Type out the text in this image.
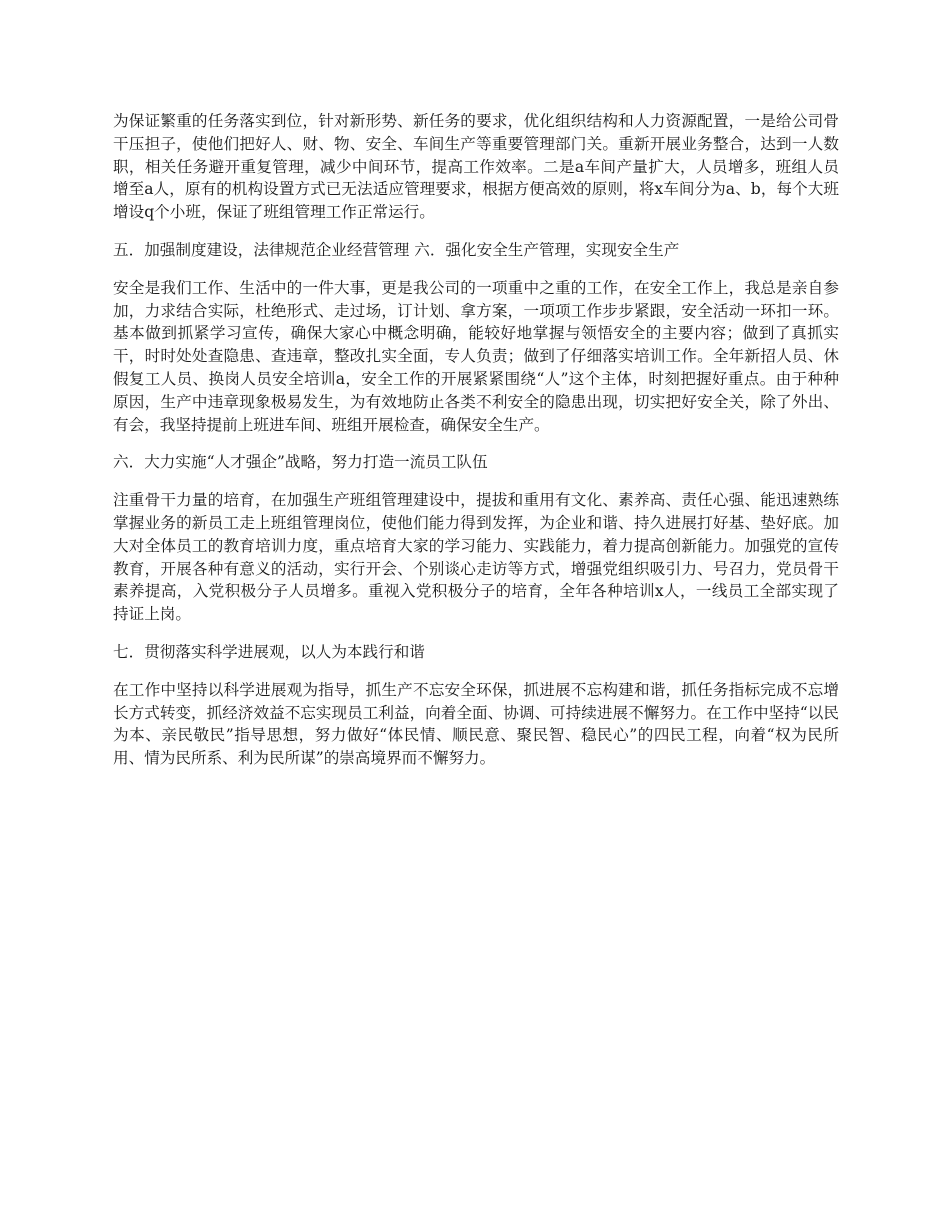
为保证繁重的任务落实到位，针对新形势、新任务的要求，优化组织结构和人力资源配置，一是给公司骨干压担子，使他们把好人、财、物、安全、车间生产等重要管理部门关。重新开展业务整合，达到一人数职，相关任务避开重复管理，减少中间环节，提高工作效率。二是a车间产量扩大，人员增多，班组人员增至a人，原有的机构设置方式已无法适应管理要求，根据方便高效的原则，将x车间分为a、b，每个大班增设q个小班，保证了班组管理工作正常运行。

五．加强制度建设，法律规范企业经营管理 六．强化安全生产管理，实现安全生产

安全是我们工作、生活中的一件大事，更是我公司的一项重中之重的工作，在安全工作上，我总是亲自参加，力求结合实际，杜绝形式、走过场，订计划、拿方案，一项项工作步步紧跟，安全活动一环扣一环。基本做到抓紧学习宣传，确保大家心中概念明确，能较好地掌握与领悟安全的主要内容；做到了真抓实干，时时处处查隐患、查违章，整改扎实全面，专人负责；做到了仔细落实培训工作。全年新招人员、休假复工人员、换岗人员安全培训a，安全工作的开展紧紧围绕“人”这个主体，时刻把握好重点。由于种种原因，生产中违章现象极易发生，为有效地防止各类不利安全的隐患出现，切实把好安全关，除了外出、有会，我坚持提前上班进车间、班组开展检查，确保安全生产。

六．大力实施“人才强企”战略，努力打造一流员工队伍

注重骨干力量的培育，在加强生产班组管理建设中，提拔和重用有文化、素养高、责任心强、能迅速熟练掌握业务的新员工走上班组管理岗位，使他们能力得到发挥，为企业和谐、持久进展打好基、垫好底。加大对全体员工的教育培训力度，重点培育大家的学习能力、实践能力，着力提高创新能力。加强党的宣传教育，开展各种有意义的活动，实行开会、个别谈心走访等方式，增强党组织吸引力、号召力，党员骨干素养提高，入党积极分子人员增多。重视入党积极分子的培育，全年各种培训x人，一线员工全部实现了持证上岗。

七．贯彻落实科学进展观，以人为本践行和谐

在工作中坚持以科学进展观为指导，抓生产不忘安全环保，抓进展不忘构建和谐，抓任务指标完成不忘增长方式转变，抓经济效益不忘实现员工利益，向着全面、协调、可持续进展不懈努力。在工作中坚持“以民为本、亲民敬民”指导思想，努力做好“体民情、顺民意、聚民智、稳民心”的四民工程，向着“权为民所用、情为民所系、利为民所谋”的崇高境界而不懈努力。
